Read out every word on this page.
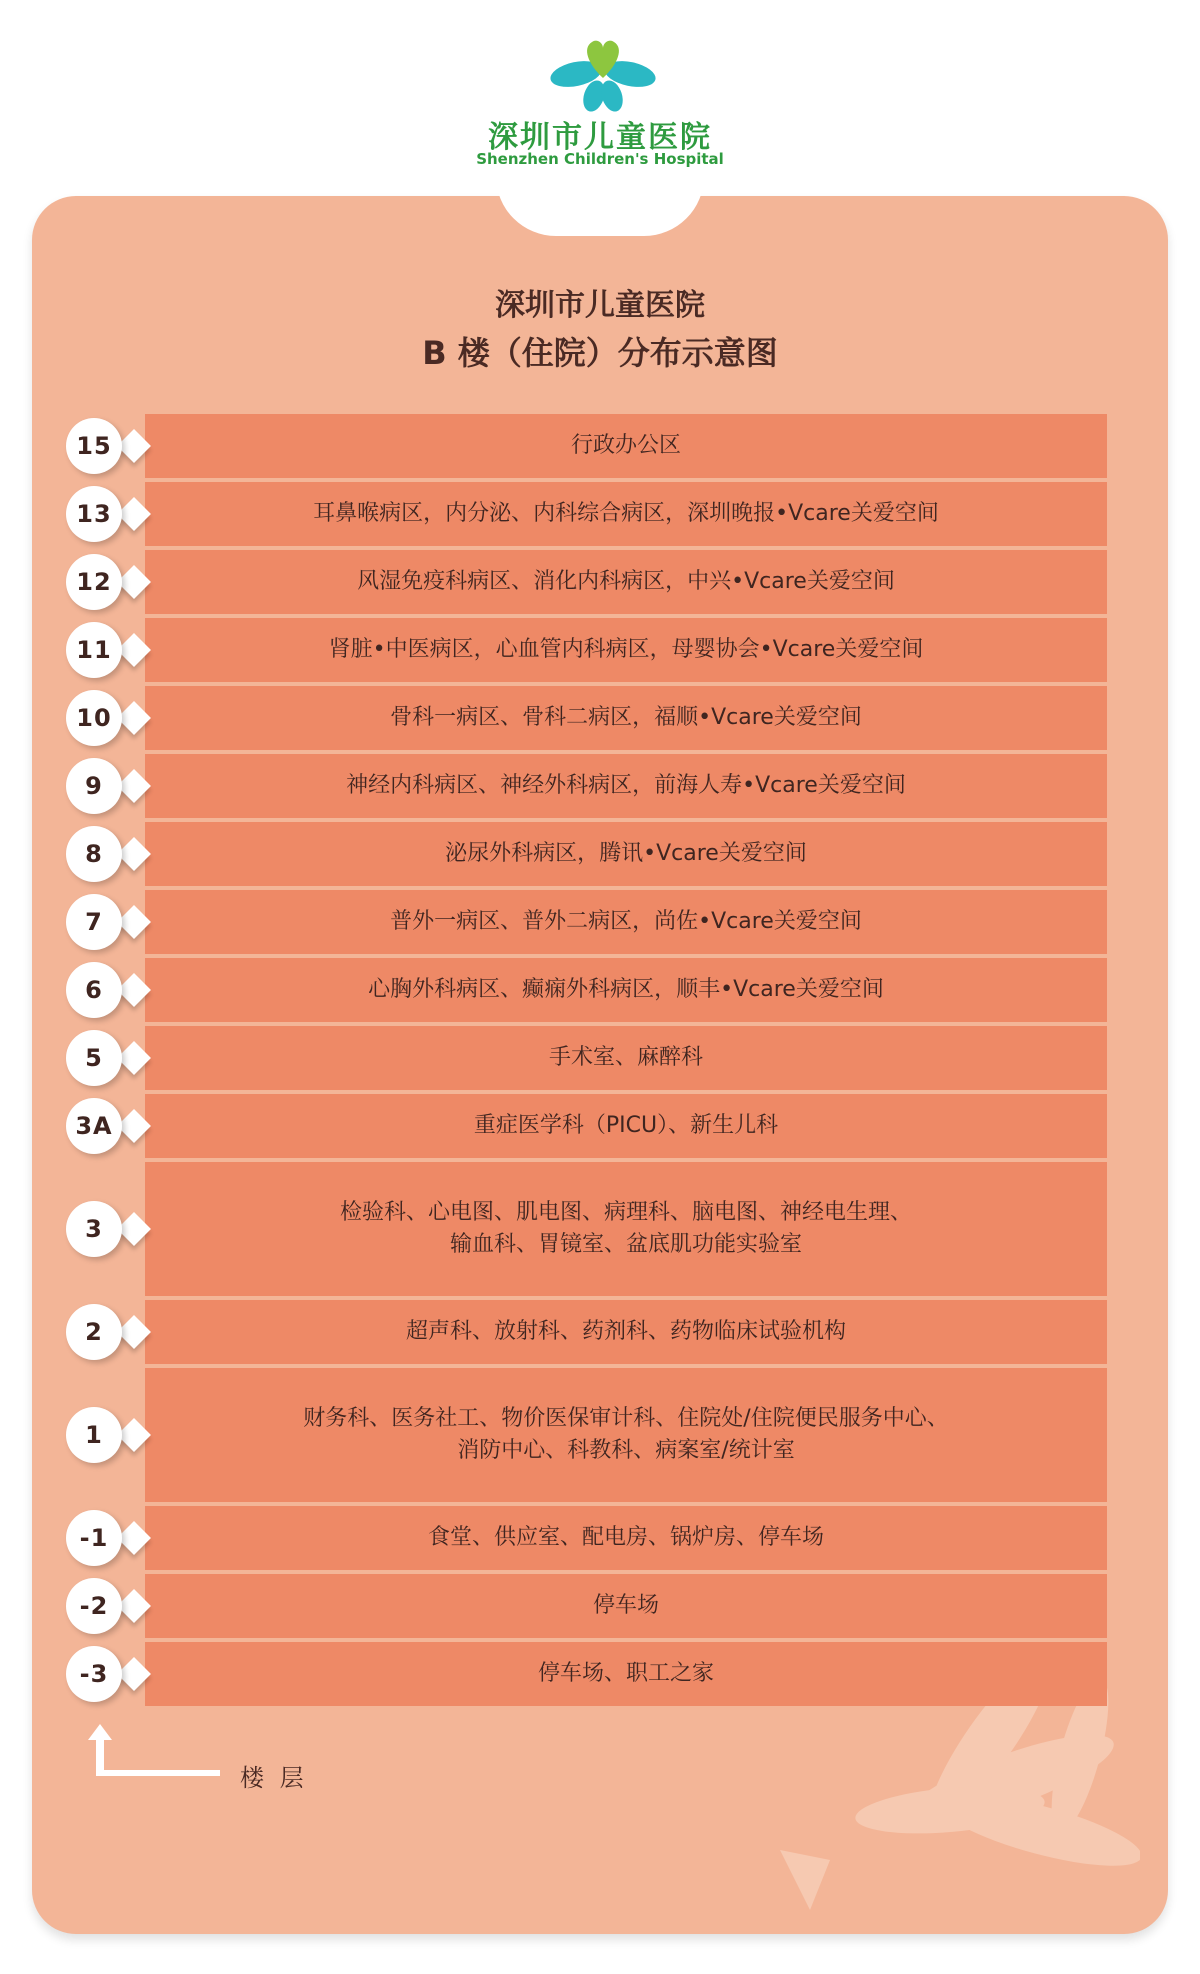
深圳市儿童医院
Shenzhen Children's Hospital
深圳市儿童医院
B 楼（住院）分布示意图
行政办公区
15
耳鼻喉病区，内分泌、内科综合病区，深圳晚报•Vcare关爱空间
13
风湿免疫科病区、消化内科病区，中兴•Vcare关爱空间
12
肾脏•中医病区，心血管内科病区，母婴协会•Vcare关爱空间
11
骨科一病区、骨科二病区，福顺•Vcare关爱空间
10
神经内科病区、神经外科病区，前海人寿•Vcare关爱空间
9
泌尿外科病区，腾讯•Vcare关爱空间
8
普外一病区、普外二病区，尚佐•Vcare关爱空间
7
心胸外科病区、癫痫外科病区，顺丰•Vcare关爱空间
6
手术室、麻醉科
5
重症医学科（PICU）、新生儿科
3A
检验科、心电图、肌电图、病理科、脑电图、神经电生理、
输血科、胃镜室、盆底肌功能实验室
3
超声科、放射科、药剂科、药物临床试验机构
2
财务科、医务社工、物价医保审计科、住院处/住院便民服务中心、
消防中心、科教科、病案室/统计室
1
食堂、供应室、配电房、锅炉房、停车场
-1
停车场
-2
停车场、职工之家
-3
楼 层
